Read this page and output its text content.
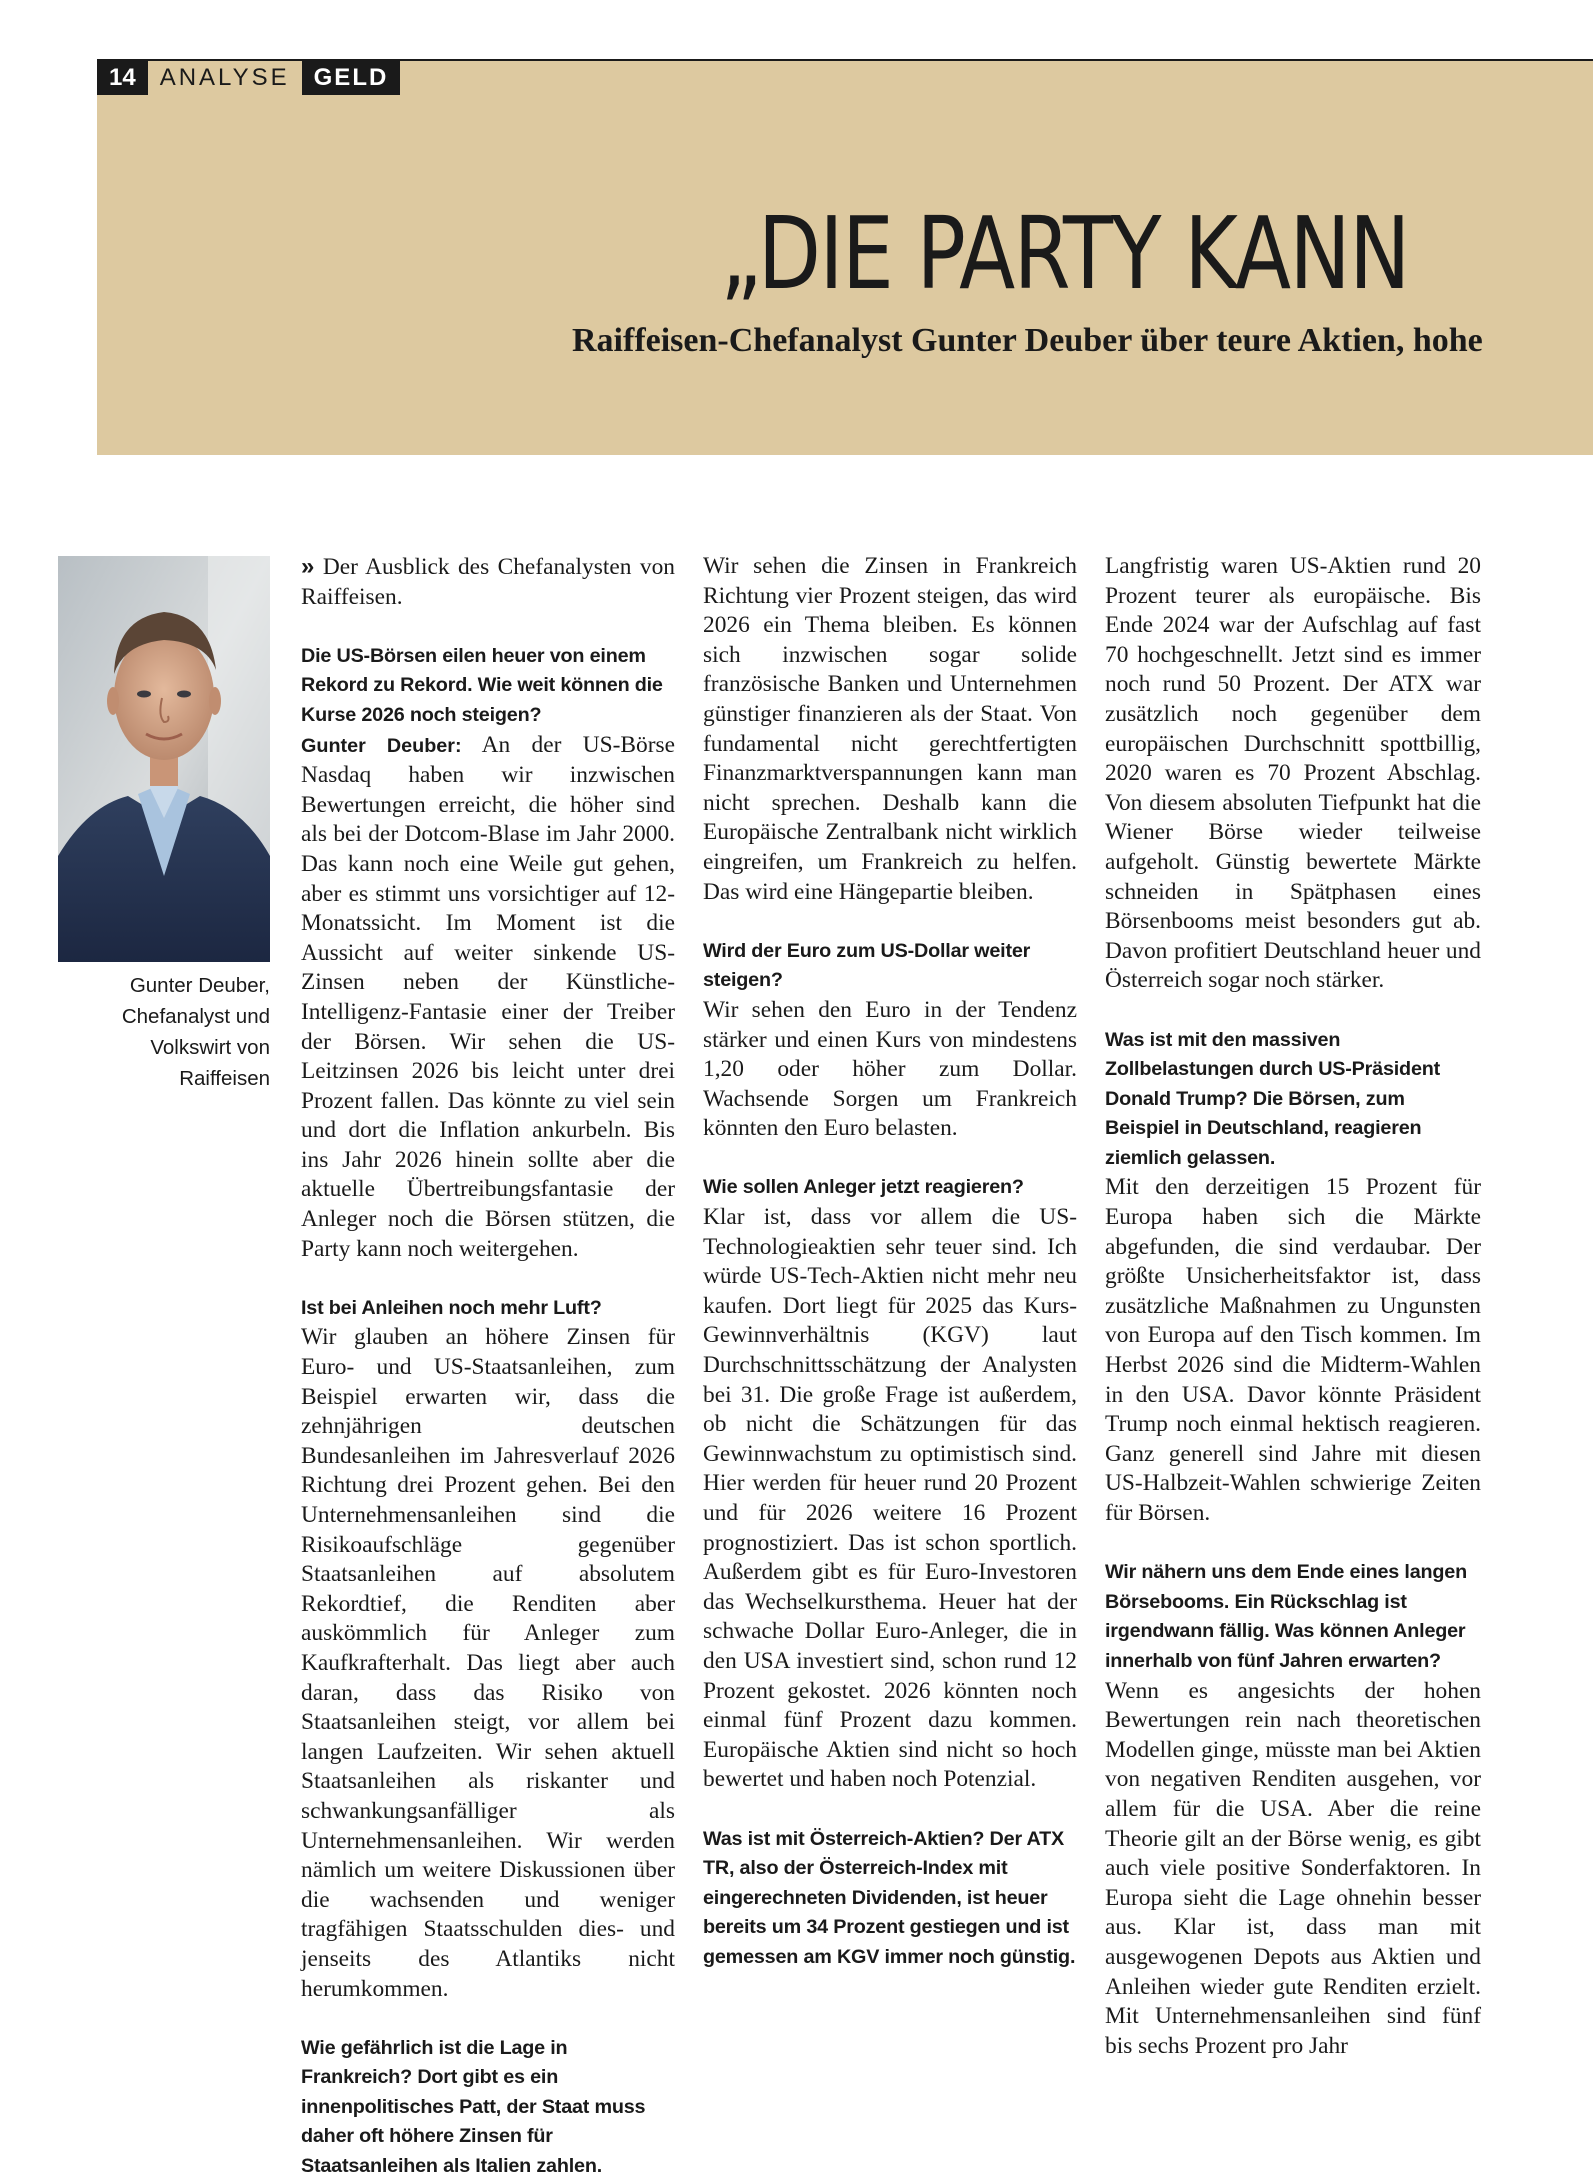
14	ANALYSE	GELD
„DIE PARTY KANN
Raiffeisen-Chefanalyst Gunter Deuber über teure Aktien, hohe
Gunter Deuber, Chefanalyst und Volkswirt von Raiffeisen

» Der Ausblick des Chefanalysten von Raiffeisen.

Die US-Börsen eilen heuer von einem Rekord zu Rekord. Wie weit können die Kurse 2026 noch steigen?

Gunter Deuber: An der US-Börse Nasdaq haben wir inzwischen Bewertungen erreicht, die höher sind als bei der Dotcom-Blase im Jahr 2000. Das kann noch eine Weile gut gehen, aber es stimmt uns vorsichtiger auf 12-Monatssicht. Im Moment ist die Aussicht auf weiter sinkende US-Zinsen neben der Künstliche-Intelligenz-Fantasie einer der Treiber der Börsen. Wir sehen die US-Leitzinsen 2026 bis leicht unter drei Prozent fallen. Das könnte zu viel sein und dort die Inflation ankurbeln. Bis ins Jahr 2026 hinein sollte aber die aktuelle Übertreibungsfantasie der Anleger noch die Börsen stützen, die Party kann noch weitergehen.

Ist bei Anleihen noch mehr Luft?

Wir glauben an höhere Zinsen für Euro- und US-Staatsanleihen, zum Beispiel erwarten wir, dass die zehnjährigen deutschen Bundesanleihen im Jahresverlauf 2026 Richtung drei Prozent gehen. Bei den Unternehmensanleihen sind die Risikoaufschläge gegenüber Staatsanleihen auf absolutem Rekordtief, die Renditen aber auskömmlich für Anleger zum Kaufkrafterhalt. Das liegt aber auch daran, dass das Risiko von Staatsanleihen steigt, vor allem bei langen Laufzeiten. Wir sehen aktuell Staatsanleihen als riskanter und schwankungsanfälliger als Unternehmensanleihen. Wir werden nämlich um weitere Diskussionen über die wachsenden und weniger tragfähigen Staatsschulden dies- und jenseits des Atlantiks nicht herumkommen.

Wie gefährlich ist die Lage in Frankreich? Dort gibt es ein innenpolitisches Patt, der Staat muss daher oft höhere Zinsen für Staatsanleihen als Italien zahlen.

Wir sehen die Zinsen in Frankreich Richtung vier Prozent steigen, das wird 2026 ein Thema bleiben. Es können sich inzwischen sogar solide französische Banken und Unternehmen günstiger finanzieren als der Staat. Von fundamental nicht gerechtfertigten Finanzmarktverspannungen kann man nicht sprechen. Deshalb kann die Europäische Zentralbank nicht wirklich eingreifen, um Frankreich zu helfen. Das wird eine Hängepartie bleiben.

Wird der Euro zum US-Dollar weiter steigen?

Wir sehen den Euro in der Tendenz stärker und einen Kurs von mindestens 1,20 oder höher zum Dollar. Wachsende Sorgen um Frankreich könnten den Euro belasten.

Wie sollen Anleger jetzt reagieren?

Klar ist, dass vor allem die US-Technologieaktien sehr teuer sind. Ich würde US-Tech-Aktien nicht mehr neu kaufen. Dort liegt für 2025 das Kurs-Gewinnverhältnis (KGV) laut Durchschnittsschätzung der Analysten bei 31. Die große Frage ist außerdem, ob nicht die Schätzungen für das Gewinnwachstum zu optimistisch sind. Hier werden für heuer rund 20 Prozent und für 2026 weitere 16 Prozent prognostiziert. Das ist schon sportlich. Außerdem gibt es für Euro-Investoren das Wechselkursthema. Heuer hat der schwache Dollar Euro-Anleger, die in den USA investiert sind, schon rund 12 Prozent gekostet. 2026 könnten noch einmal fünf Prozent dazu kommen. Europäische Aktien sind nicht so hoch bewertet und haben noch Potenzial.

Was ist mit Österreich-Aktien? Der ATX TR, also der Österreich-Index mit eingerechneten Dividenden, ist heuer bereits um 34 Prozent gestiegen und ist gemessen am KGV immer noch günstig.

Langfristig waren US-Aktien rund 20 Prozent teurer als europäische. Bis Ende 2024 war der Aufschlag auf fast 70 hochgeschnellt. Jetzt sind es immer noch rund 50 Prozent. Der ATX war zusätzlich noch gegenüber dem europäischen Durchschnitt spottbillig, 2020 waren es 70 Prozent Abschlag. Von diesem absoluten Tiefpunkt hat die Wiener Börse wieder teilweise aufgeholt. Günstig bewertete Märkte schneiden in Spätphasen eines Börsenbooms meist besonders gut ab. Davon profitiert Deutschland heuer und Österreich sogar noch stärker.

Was ist mit den massiven Zollbelastungen durch US-Präsident Donald Trump? Die Börsen, zum Beispiel in Deutschland, reagieren ziemlich gelassen.

Mit den derzeitigen 15 Prozent für Europa haben sich die Märkte abgefunden, die sind verdaubar. Der größte Unsicherheitsfaktor ist, dass zusätzliche Maßnahmen zu Ungunsten von Europa auf den Tisch kommen. Im Herbst 2026 sind die Midterm-Wahlen in den USA. Davor könnte Präsident Trump noch einmal hektisch reagieren. Ganz generell sind Jahre mit diesen US-Halbzeit-Wahlen schwierige Zeiten für Börsen.

Wir nähern uns dem Ende eines langen Börsebooms. Ein Rückschlag ist irgendwann fällig. Was können Anleger innerhalb von fünf Jahren erwarten?

Wenn es angesichts der hohen Bewertungen rein nach theoretischen Modellen ginge, müsste man bei Aktien von negativen Renditen ausgehen, vor allem für die USA. Aber die reine Theorie gilt an der Börse wenig, es gibt auch viele positive Sonderfaktoren. In Europa sieht die Lage ohnehin besser aus. Klar ist, dass man mit ausgewogenen Depots aus Aktien und Anleihen wieder gute Renditen erzielt. Mit Unternehmensanleihen sind fünf bis sechs Prozent pro Jahr
